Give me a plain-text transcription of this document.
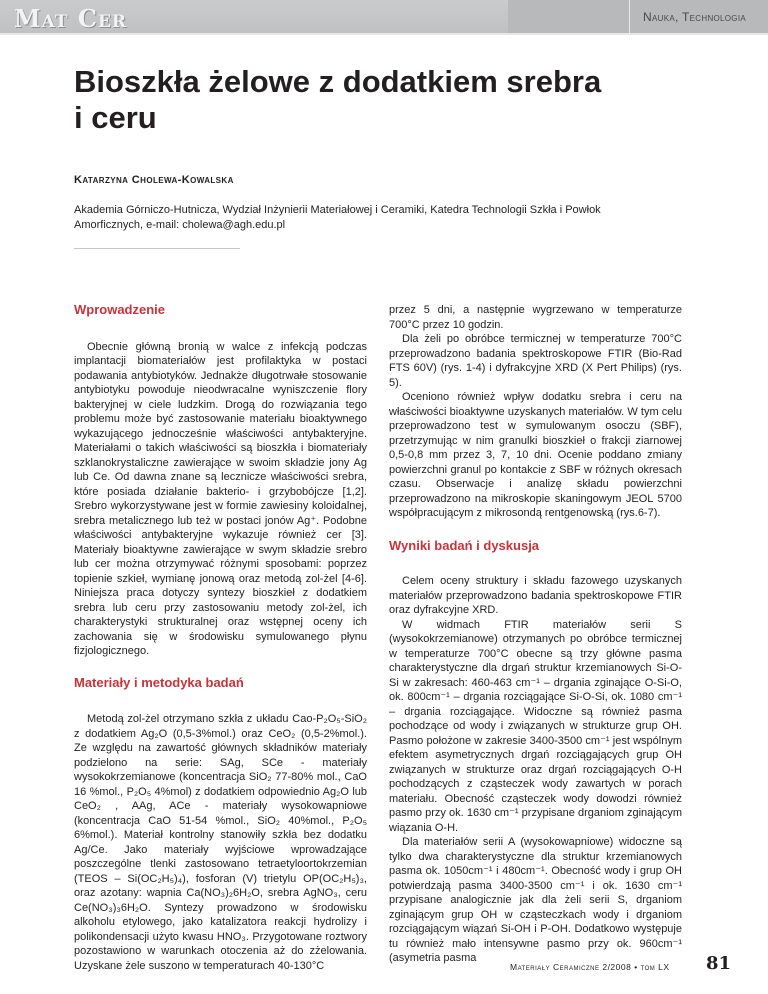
MAT CER	Nauka, Technologia
Bioszkła żelowe z dodatkiem srebra
i ceru

Katarzyna Cholewa-Kowalska

Akademia Górniczo-Hutnicza, Wydział Inżynierii Materiałowej i Ceramiki, Katedra Technologii Szkła i Powłok
Amorficznych, e-mail: cholewa@agh.edu.pl

Wprowadzenie

Obecnie główną bronią w walce z infekcją podczas implantacji biomateriałów jest profilaktyka w postaci podawania antybiotyków. Jednakże długotrwałe stosowanie antybiotyku powoduje nieodwracalne wyniszczenie flory bakteryjnej w ciele ludzkim. Drogą do rozwiązania tego problemu może być zastosowanie materiału bioaktywnego wykazującego jednocześnie właściwości antybakteryjne. Materiałami o takich właściwości są bioszkła i biomateriały szklanokrystaliczne zawierające w swoim składzie jony Ag lub Ce. Od dawna znane są lecznicze właściwości srebra, które posiada działanie bakterio- i grzybobójcze [1,2]. Srebro wykorzystywane jest w formie zawiesiny koloidalnej, srebra metalicznego lub też w postaci jonów Ag⁺. Podobne właściwości antybakteryjne wykazuje również cer [3]. Materiały bioaktywne zawierające w swym składzie srebro lub cer można otrzymywać różnymi sposobami: poprzez topienie szkieł, wymianę jonową oraz metodą zol-żel [4-6]. Niniejsza praca dotyczy syntezy bioszkieł z dodatkiem srebra lub ceru przy zastosowaniu metody zol-żel, ich charakterystyki strukturalnej oraz wstępnej oceny ich zachowania się w środowisku symulowanego płynu fizjologicznego.

Materiały i metodyka badań

Metodą zol-żel otrzymano szkła z układu Cao-P₂O₅-SiO₂ z dodatkiem Ag₂O (0,5-3%mol.) oraz CeO₂ (0,5-2%mol.). Ze względu na zawartość głównych składników materiały podzielono na serie: SAg, SCe - materiały wysokokrzemianowe (koncentracja SiO₂ 77-80% mol., CaO 16 %mol., P₂O₅ 4%mol) z dodatkiem odpowiednio Ag₂O lub CeO₂ , AAg, ACe - materiały wysokowapniowe (koncentracja CaO 51-54 %mol., SiO₂ 40%mol., P₂O₅ 6%mol.). Materiał kontrolny stanowiły szkła bez dodatku Ag/Ce. Jako materiały wyjściowe wprowadzające poszczególne tlenki zastosowano tetraetyloortokrzemian (TEOS – Si(OC₂H₅)₄), fosforan (V) trietylu OP(OC₂H₅)₃, oraz azotany: wapnia Ca(NO₃)₂6H₂O, srebra AgNO₃, ceru Ce(NO₃)₃6H₂O. Syntezy prowadzono w środowisku alkoholu etylowego, jako katalizatora reakcji hydrolizy i polikondensacji użyto kwasu HNO₃. Przygotowane roztwory pozostawiono w warunkach otoczenia aż do zżelowania. Uzyskane żele suszono w temperaturach 40-130°C

przez 5 dni, a następnie wygrzewano w temperaturze 700°C przez 10 godzin.

Dla żeli po obróbce termicznej w temperaturze 700°C przeprowadzono badania spektroskopowe FTIR (Bio-Rad FTS 60V) (rys. 1-4) i dyfrakcyjne XRD (X Pert Philips) (rys. 5).

Oceniono również wpływ dodatku srebra i ceru na właściwości bioaktywne uzyskanych materiałów. W tym celu przeprowadzono test w symulowanym osoczu (SBF), przetrzymując w nim granulki bioszkieł o frakcji ziarnowej 0,5-0,8 mm przez 3, 7, 10 dni. Ocenie poddano zmiany powierzchni granul po kontakcie z SBF w różnych okresach czasu. Obserwacje i analizę składu powierzchni przeprowadzono na mikroskopie skaningowym JEOL 5700 współpracującym z mikrosondą rentgenowską (rys.6-7).

Wyniki badań i dyskusja

Celem oceny struktury i składu fazowego uzyskanych materiałów przeprowadzono badania spektroskopowe FTIR oraz dyfrakcyjne XRD.

W widmach FTIR materiałów serii S (wysokokrzemianowe) otrzymanych po obróbce termicznej w temperaturze 700°C obecne są trzy główne pasma charakterystyczne dla drgań struktur krzemianowych Si-O-Si w zakresach: 460-463 cm⁻¹ – drgania zginające O-Si-O, ok. 800cm⁻¹ – drgania rozciągające Si-O-Si, ok. 1080 cm⁻¹ – drgania rozciągające. Widoczne są również pasma pochodzące od wody i związanych w strukturze grup OH. Pasmo położone w zakresie 3400-3500 cm⁻¹ jest wspólnym efektem asymetrycznych drgań rozciągających grup OH związanych w strukturze oraz drgań rozciągających O-H pochodzących z cząsteczek wody zawartych w porach materiału. Obecność cząsteczek wody dowodzi również pasmo przy ok. 1630 cm⁻¹ przypisane drganiom zginającym wiązania O-H.

Dla materiałów serii A (wysokowapniowe) widoczne są tylko dwa charakterystyczne dla struktur krzemianowych pasma ok. 1050cm⁻¹ i 480cm⁻¹. Obecność wody i grup OH potwierdzają pasma 3400-3500 cm⁻¹ i ok. 1630 cm⁻¹ przypisane analogicznie jak dla żeli serii S, drganiom zginającym grup OH w cząsteczkach wody i drganiom rozciągającym wiązań Si-OH i P-OH. Dodatkowo występuje tu również mało intensywne pasmo przy ok. 960cm⁻¹ (asymetria pasma

Materiały Ceramiczne 2/2008 • tom LX 81
